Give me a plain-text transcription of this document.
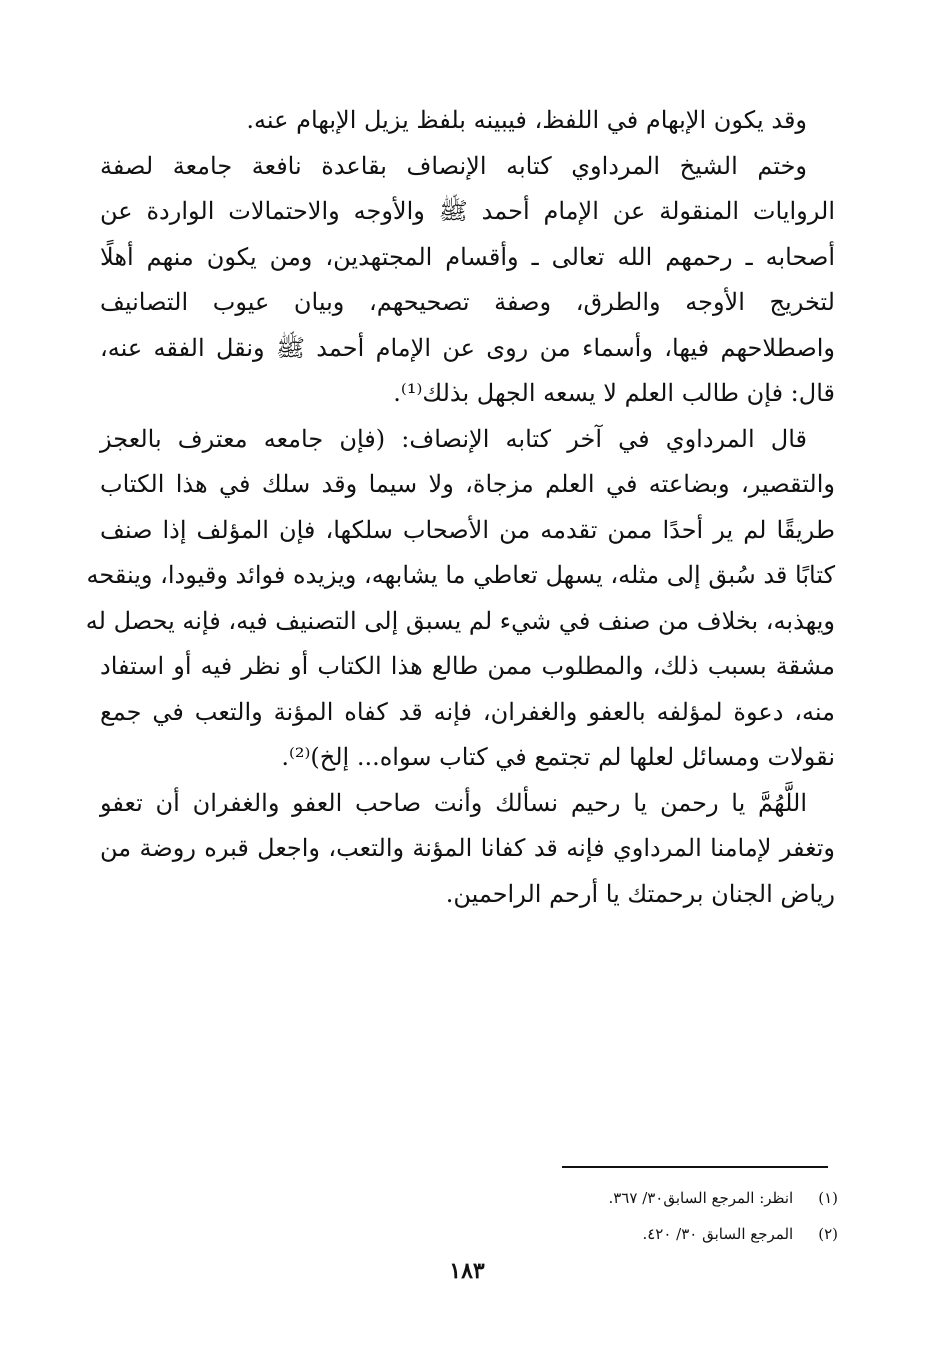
وقد يكون الإبهام في اللفظ، فيبينه بلفظ يزيل الإبهام عنه.
وختم الشيخ المرداوي كتابه الإنصاف بقاعدة نافعة جامعة لصفة
الروايات المنقولة عن الإمام أحمد ﷺ والأوجه والاحتمالات الواردة عن
أصحابه ـ رحمهم الله تعالى ـ وأقسام المجتهدين، ومن يكون منهم أهلًا
لتخريج الأوجه والطرق، وصفة تصحيحهم، وبيان عيوب التصانيف
واصطلاحهم فيها، وأسماء من روى عن الإمام أحمد ﷺ ونقل الفقه عنه،
قال: فإن طالب العلم لا يسعه الجهل بذلك⁽¹⁾.
قال المرداوي في آخر كتابه الإنصاف: (فإن جامعه معترف بالعجز
والتقصير، وبضاعته في العلم مزجاة، ولا سيما وقد سلك في هذا الكتاب
طريقًا لم ير أحدًا ممن تقدمه من الأصحاب سلكها، فإن المؤلف إذا صنف
كتابًا قد سُبق إلى مثله، يسهل تعاطي ما يشابهه، ويزيده فوائد وقيودا، وينقحه
ويهذبه، بخلاف من صنف في شيء لم يسبق إلى التصنيف فيه، فإنه يحصل له
مشقة بسبب ذلك، والمطلوب ممن طالع هذا الكتاب أو نظر فيه أو استفاد
منه، دعوة لمؤلفه بالعفو والغفران، فإنه قد كفاه المؤنة والتعب في جمع
نقولات ومسائل لعلها لم تجتمع في كتاب سواه... إلخ)⁽²⁾.
اللَّهُمَّ يا رحمن يا رحيم نسألك وأنت صاحب العفو والغفران أن تعفو
وتغفر لإمامنا المرداوي فإنه قد كفانا المؤنة والتعب، واجعل قبره روضة من
رياض الجنان برحمتك يا أرحم الراحمين.
(١) انظر: المرجع السابق٣٠/ ٣٦٧.
(٢) المرجع السابق ٣٠/ ٤٢٠.
١٨٣
